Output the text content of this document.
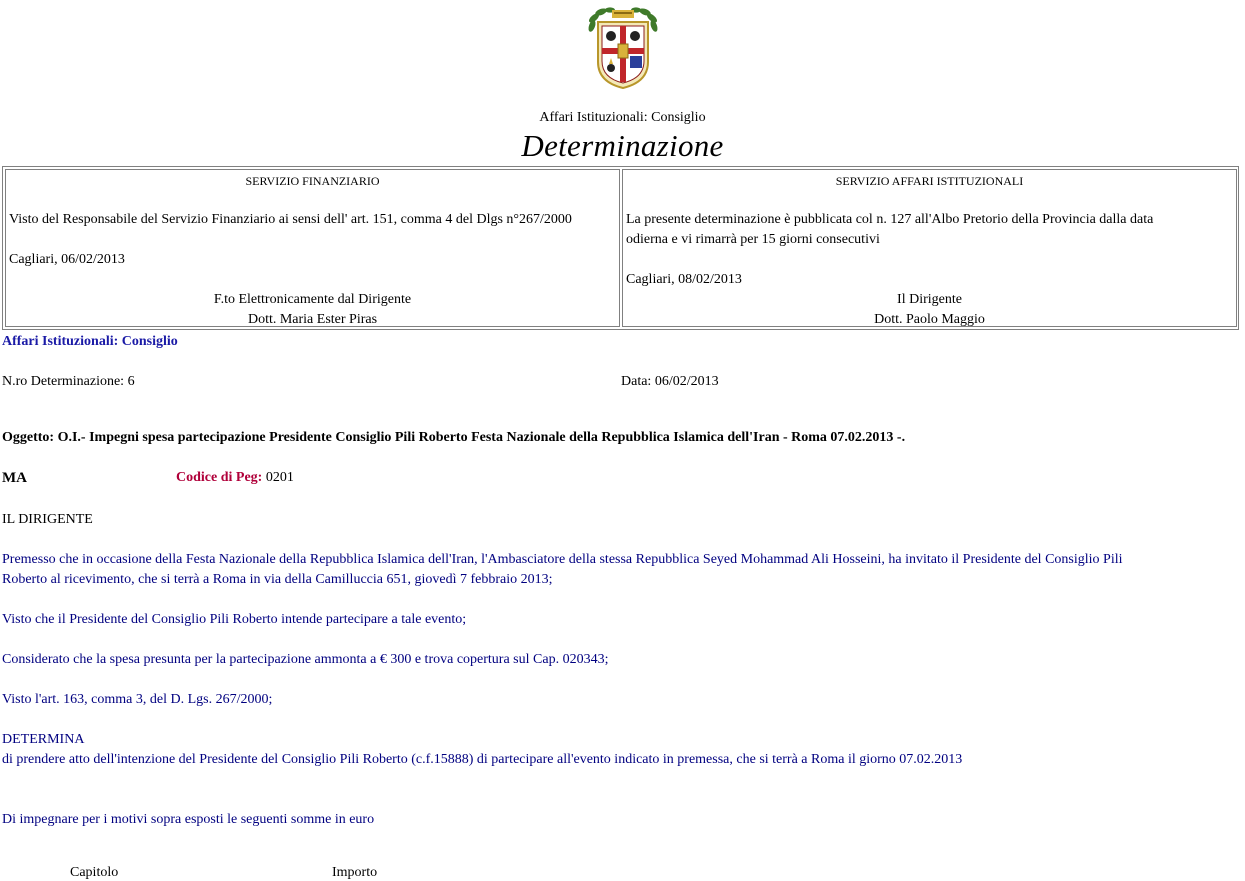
Affari Istituzionali: Consiglio
Determinazione
SERVIZIO FINANZIARIO
Visto del Responsabile del Servizio Finanziario ai sensi dell' art. 151, comma 4 del Dlgs n°267/2000
Cagliari, 06/02/2013
F.to Elettronicamente dal Dirigente
Dott. Maria Ester Piras
SERVIZIO AFFARI ISTITUZIONALI
La presente determinazione è pubblicata col n. 127 all'Albo Pretorio della Provincia dalla data
odierna e vi rimarrà per 15 giorni consecutivi
Cagliari, 08/02/2013
Il Dirigente
Dott. Paolo Maggio
Affari Istituzionali: Consiglio
N.ro Determinazione: 6	Data: 06/02/2013
Oggetto: O.I.- Impegni spesa partecipazione Presidente Consiglio Pili Roberto Festa Nazionale della Repubblica Islamica dell'Iran - Roma 07.02.2013 -.
MA	Codice di Peg: 0201
IL DIRIGENTE
Premesso che in occasione della Festa Nazionale della Repubblica Islamica dell'Iran, l'Ambasciatore della stessa Repubblica Seyed Mohammad Ali Hosseini, ha invitato il Presidente del Consiglio Pili
Roberto al ricevimento, che si terrà a Roma in via della Camilluccia 651, giovedì 7 febbraio 2013;
Visto che il Presidente del Consiglio Pili Roberto intende partecipare a tale evento;
Considerato che la spesa presunta per la partecipazione ammonta a € 300 e trova copertura sul Cap. 020343;
Visto l'art. 163, comma 3, del D. Lgs. 267/2000;
DETERMINA
di prendere atto dell'intenzione del Presidente del Consiglio Pili Roberto (c.f.15888) di partecipare all'evento indicato in premessa, che si terrà a Roma il giorno 07.02.2013
Di impegnare per i motivi sopra esposti le seguenti somme in euro
Capitolo	Importo
